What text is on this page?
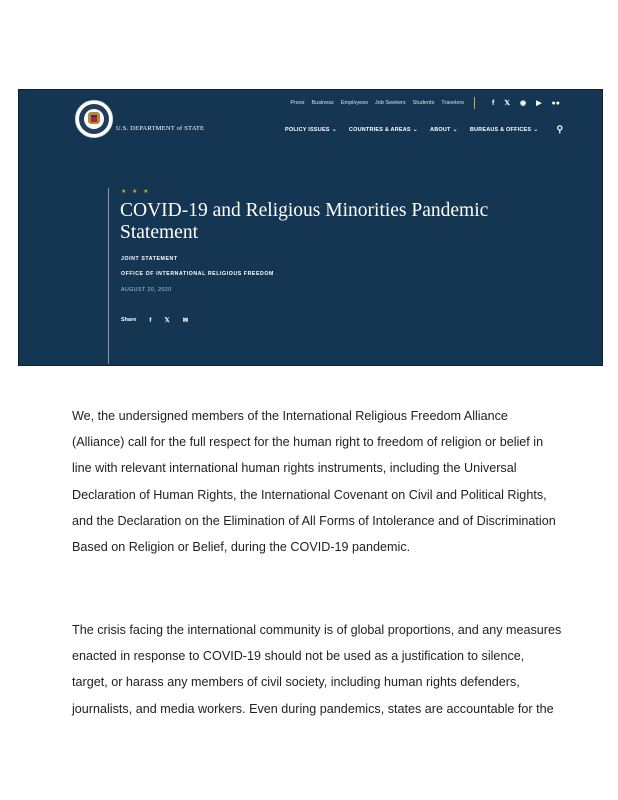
Press Business Employees Job Seekers Students Travelers	f 𝕏 ◉ ▶ ●●
U.S. DEPARTMENT of STATE	POLICY ISSUES ⌄ COUNTRIES & AREAS ⌄ ABOUT ⌄ BUREAUS & OFFICES ⌄ ⚲
★ ★ ★
COVID-19 and Religious Minorities Pandemic Statement
JOINT STATEMENT
OFFICE OF INTERNATIONAL RELIGIOUS FREEDOM
AUGUST 20, 2020
Share f 𝕏 ✉

We, the undersigned members of the International Religious Freedom Alliance (Alliance) call for the full respect for the human right to freedom of religion or belief in line with relevant international human rights instruments, including the Universal Declaration of Human Rights, the International Covenant on Civil and Political Rights, and the Declaration on the Elimination of All Forms of Intolerance and of Discrimination Based on Religion or Belief, during the COVID-19 pandemic.

The crisis facing the international community is of global proportions, and any measures enacted in response to COVID-19 should not be used as a justification to silence, target, or harass any members of civil society, including human rights defenders, journalists, and media workers. Even during pandemics, states are accountable for the
